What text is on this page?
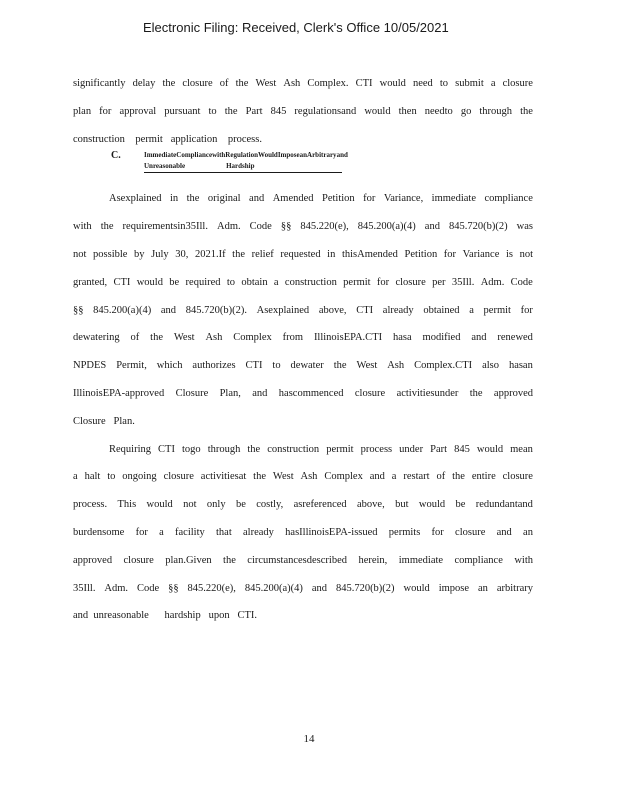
Electronic Filing: Received, Clerk's Office 10/05/2021
significantly delay the closure of the West Ash Complex. CTI would need to submit a closure
plan for approval pursuant to the Part 845 regulationsand would then needto go through the
construction    permit   application    process.
C.	Immediate Compliance with Regulation Would Impose an Arbitrary and
Unreasonable	Hardship
Asexplained in the original and Amended Petition for Variance, immediate compliance
with the requirementsin35Ill. Adm. Code §§ 845.220(e), 845.200(a)(4) and 845.720(b)(2) was
not possible by July 30, 2021.If the relief requested in thisAmended Petition for Variance is not
granted, CTI would be required to obtain a construction permit for closure per 35Ill. Adm. Code
§§ 845.200(a)(4) and 845.720(b)(2). Asexplained above, CTI already obtained a permit for
dewatering of the West Ash Complex from IllinoisEPA.CTI hasa modified and renewed
NPDES Permit, which authorizes CTI to dewater the West Ash Complex.CTI also hasan
IllinoisEPA-approved Closure Plan, and hascommenced closure activitiesunder the approved
Closure   Plan.
Requiring CTI togo through the construction permit process under Part 845 would mean
a halt to ongoing closure activitiesat the West Ash Complex and a restart of the entire closure
process. This would not only be costly, asreferenced above, but would be redundantand
burdensome for a facility that already hasIllinoisEPA-issued permits for closure and an
approved closure plan.Given the circumstancesdescribed herein, immediate compliance with
35Ill. Adm. Code §§ 845.220(e), 845.200(a)(4) and 845.720(b)(2) would impose an arbitrary
and  unreasonable      hardship   upon   CTI.
14
